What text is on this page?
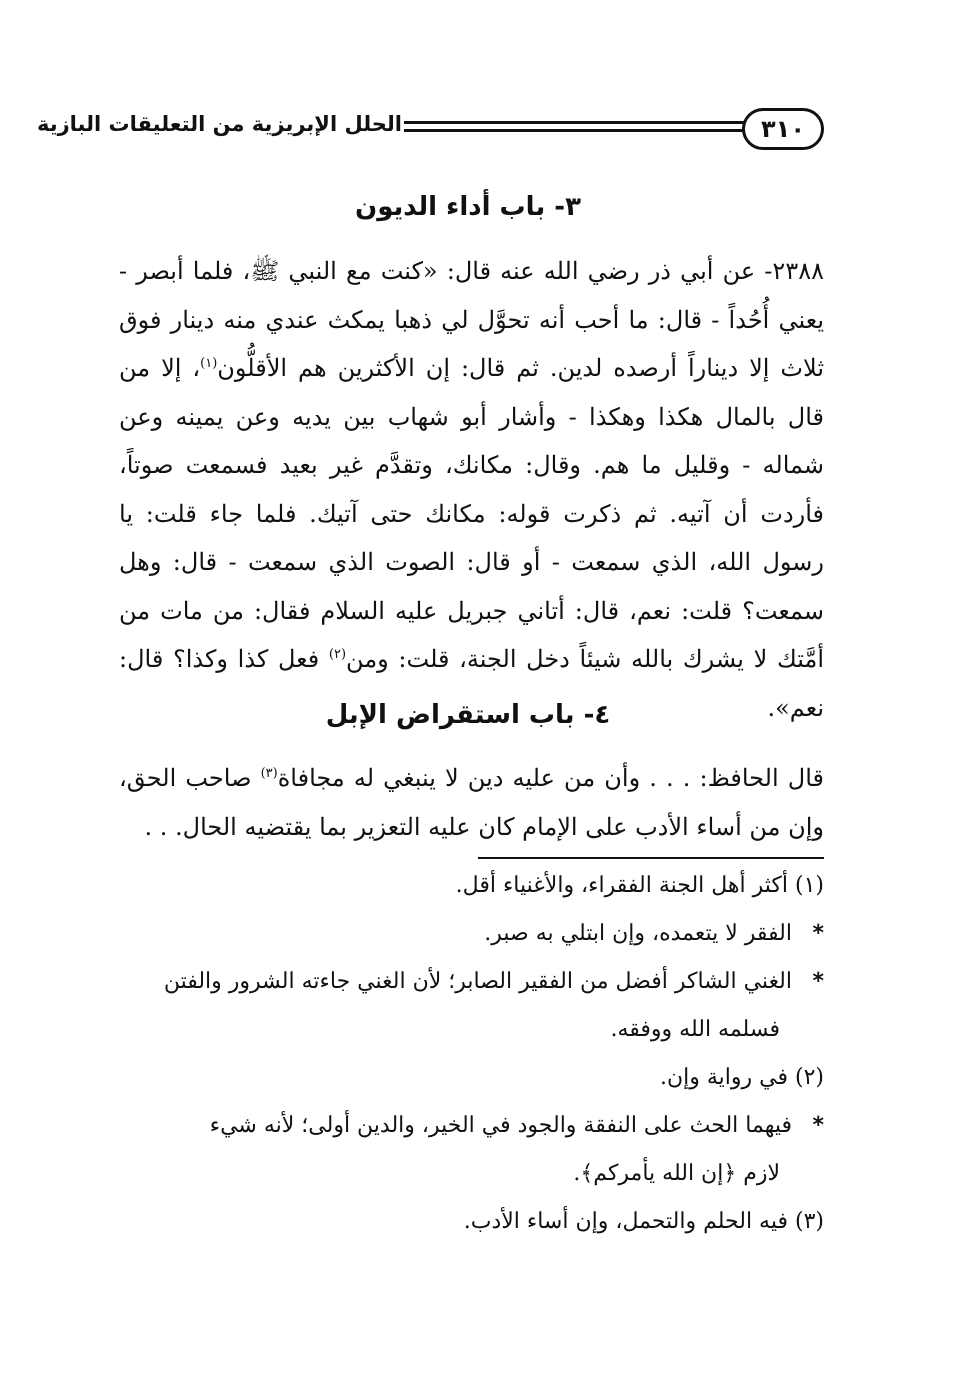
٣١٠
الحلل الإبريزية من التعليقات البازية
٣- باب أداء الديون

٢٣٨٨- عن أبي ذر رضي الله عنه قال: «كنت مع النبي ﷺ، فلما أبصر - يعني أُحُداً - قال: ما أحب أنه تحوَّل لي ذهبا يمكث عندي منه دينار فوق ثلاث إلا ديناراً أرصده لدين. ثم قال: إن الأكثرين هم الأقلُّون$^{(١)}$، إلا من قال بالمال هكذا وهكذا - وأشار أبو شهاب بين يديه وعن يمينه وعن شماله - وقليل ما هم. وقال: مكانك، وتقدَّم غير بعيد فسمعت صوتاً، فأردت أن آتيه. ثم ذكرت قوله: مكانك حتى آتيك. فلما جاء قلت: يا رسول الله، الذي سمعت - أو قال: الصوت الذي سمعت - قال: وهل سمعت؟ قلت: نعم، قال: أتاني جبريل عليه السلام فقال: من مات من أمَّتك لا يشرك بالله شيئاً دخل الجنة، قلت: ومن$^{(٢)}$ فعل كذا وكذا؟ قال: نعم».

٤- باب استقراض الإبل

قال الحافظ: . . . وأن من عليه دين لا ينبغي له مجافاة$^{(٣)}$ صاحب الحق، وإن من أساء الأدب على الإمام كان عليه التعزير بما يقتضيه الحال. . .

(١) أكثر أهل الجنة الفقراء، والأغنياء أقل.
*الفقر لا يتعمده، وإن ابتلي به صبر.
*الغني الشاكر أفضل من الفقير الصابر؛ لأن الغني جاءته الشرور والفتن
فسلمه الله ووفقه.
(٢) في رواية وإن.
*فيهما الحث على النفقة والجود في الخير، والدين أولى؛ لأنه شيء
لازم ﴿إن الله يأمركم﴾.
(٣) فيه الحلم والتحمل، وإن أساء الأدب.
